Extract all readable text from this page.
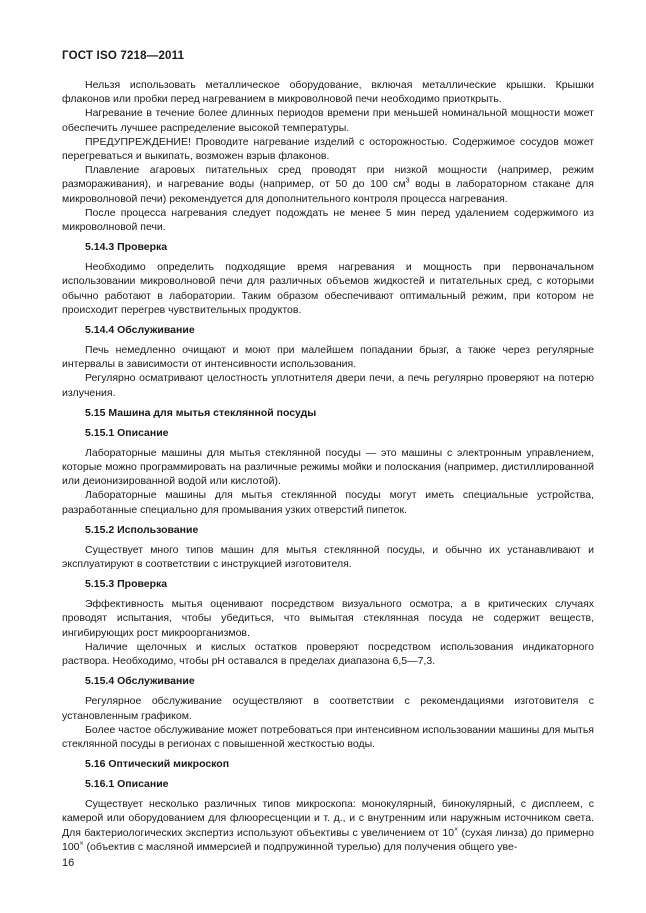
ГОСТ ISO 7218—2011

Нельзя использовать металлическое оборудование, включая металлические крышки. Крышки флаконов или пробки перед нагреванием в микроволновой печи необходимо приоткрыть.

Нагревание в течение более длинных периодов времени при меньшей номинальной мощности может обеспечить лучшее распределение высокой температуры.

ПРЕДУПРЕЖДЕНИЕ! Проводите нагревание изделий с осторожностью. Содержимое сосудов может перегреваться и выкипать, возможен взрыв флаконов.

Плавление агаровых питательных сред проводят при низкой мощности (например, режим размораживания), и нагревание воды (например, от 50 до 100 $см^3$ воды в лабораторном стакане для микроволновой печи) рекомендуется для дополнительного контроля процесса нагревания.

После процесса нагревания следует подождать не менее 5 мин перед удалением содержимого из микроволновой печи.

5.14.3 Проверка

Необходимо определить подходящие время нагревания и мощность при первоначальном использовании микроволновой печи для различных объемов жидкостей и питательных сред, с которыми обычно работают в лаборатории. Таким образом обеспечивают оптимальный режим, при котором не происходит перегрев чувствительных продуктов.

5.14.4 Обслуживание

Печь немедленно очищают и моют при малейшем попадании брызг, а также через регулярные интервалы в зависимости от интенсивности использования.

Регулярно осматривают целостность уплотнителя двери печи, а печь регулярно проверяют на потерю излучения.

5.15 Машина для мытья стеклянной посуды
5.15.1 Описание

Лабораторные машины для мытья стеклянной посуды — это машины с электронным управлением, которые можно программировать на различные режимы мойки и полоскания (например, дистиллированной или деионизированной водой или кислотой).

Лабораторные машины для мытья стеклянной посуды могут иметь специальные устройства, разработанные специально для промывания узких отверстий пипеток.

5.15.2 Использование

Существует много типов машин для мытья стеклянной посуды, и обычно их устанавливают и эксплуатируют в соответствии с инструкцией изготовителя.

5.15.3 Проверка

Эффективность мытья оценивают посредством визуального осмотра, а в критических случаях проводят испытания, чтобы убедиться, что вымытая стеклянная посуда не содержит веществ, ингибирующих рост микроорганизмов.

Наличие щелочных и кислых остатков проверяют посредством использования индикаторного раствора. Необходимо, чтобы pH оставался в пределах диапазона 6,5—7,3.

5.15.4 Обслуживание

Регулярное обслуживание осуществляют в соответствии с рекомендациями изготовителя с установленным графиком.

Более частое обслуживание может потребоваться при интенсивном использовании машины для мытья стеклянной посуды в регионах с повышенной жесткостью воды.

5.16 Оптический микроскоп
5.16.1 Описание

Существует несколько различных типов микроскопа: монокулярный, бинокулярный, с дисплеем, с камерой или оборудованием для флюоресценции и т. д., и с внутренним или наружным источником света. Для бактериологических экспертиз используют объективы с увеличением от 10× (сухая линза) до примерно 100× (объектив с масляной иммерсией и подпружинной турелью) для получения общего уве-

16
